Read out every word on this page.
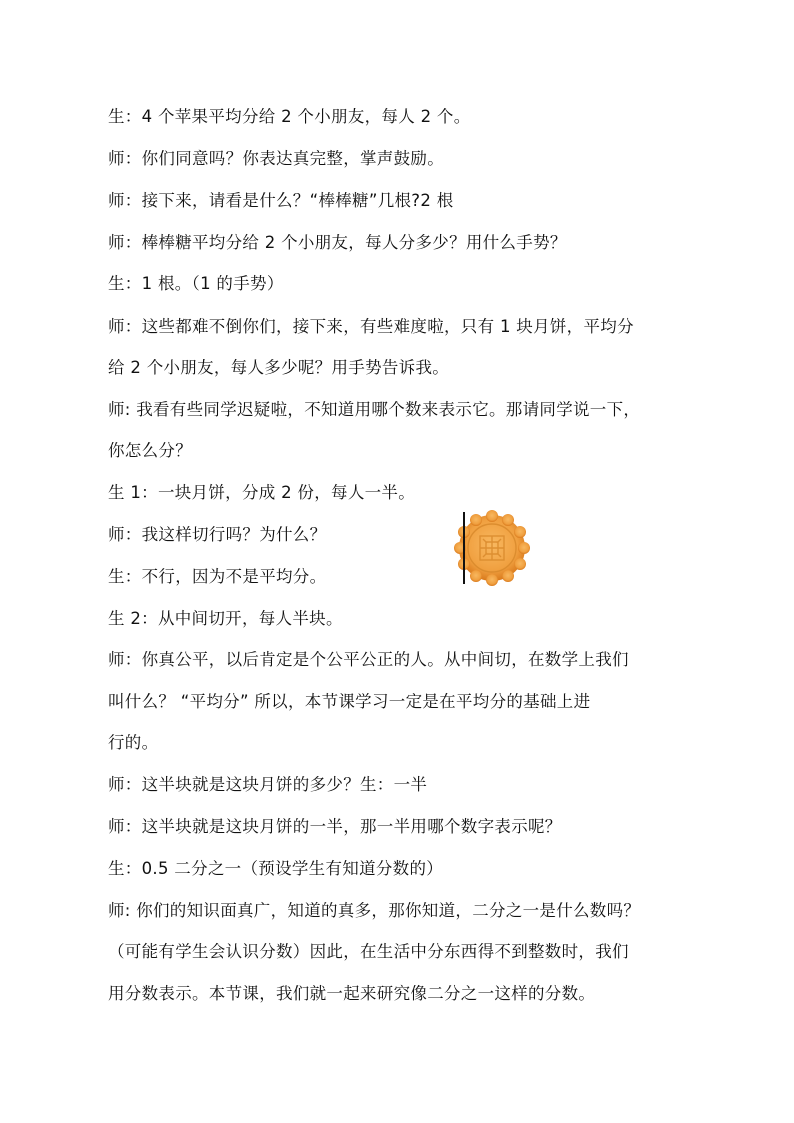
生：4 个苹果平均分给 2 个小朋友，每人 2 个。
师：你们同意吗？你表达真完整，掌声鼓励。
师：接下来，请看是什么？“棒棒糖”几根?2 根
师：棒棒糖平均分给 2 个小朋友，每人分多少？用什么手势？
生：1 根。（1 的手势）
师：这些都难不倒你们，接下来，有些难度啦，只有 1 块月饼，平均分
给 2 个小朋友，每人多少呢？用手势告诉我。
师: 我看有些同学迟疑啦，不知道用哪个数来表示它。那请同学说一下，
你怎么分？
生 1：一块月饼，分成 2 份，每人一半。
师：我这样切行吗？为什么？
生：不行，因为不是平均分。
生 2：从中间切开，每人半块。
师：你真公平，以后肯定是个公平公正的人。从中间切，在数学上我们
叫什么？ “平均分” 所以，本节课学习一定是在平均分的基础上进
行的。
师：这半块就是这块月饼的多少？生：一半
师：这半块就是这块月饼的一半，那一半用哪个数字表示呢？
生：0.5 二分之一（预设学生有知道分数的）
师: 你们的知识面真广，知道的真多，那你知道，二分之一是什么数吗？
（可能有学生会认识分数）因此，在生活中分东西得不到整数时，我们
用分数表示。本节课，我们就一起来研究像二分之一这样的分数。
